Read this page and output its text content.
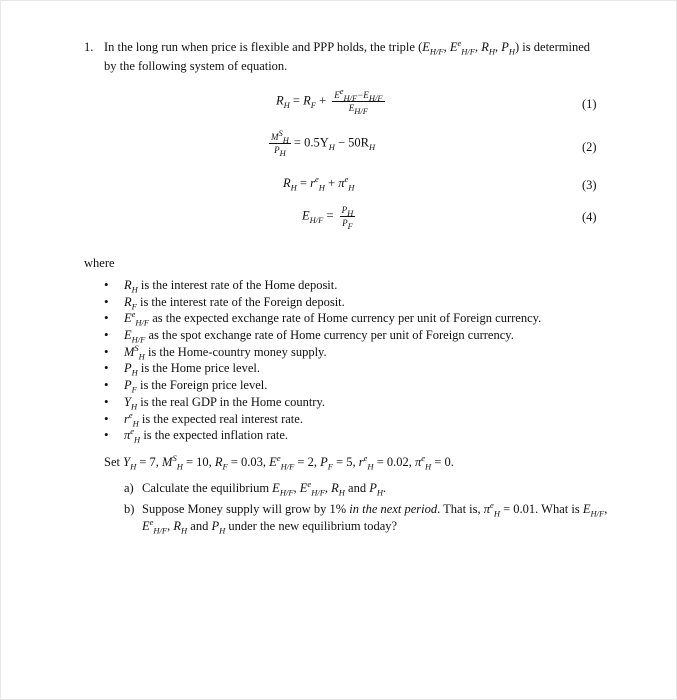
1. In the long run when price is flexible and PPP holds, the triple ($E_{H/F}$, $E^e_{H/F}$, $R_H$, $P_H$) is determined by the following system of equation.
$R_H = R_F + \frac{E^e_{H/F}-E_{H/F}}{E_{H/F}}$	(1)
$\frac{M^S_H}{P_H} = 0.5Y_H - 50R_H$	(2)
$R_H = r^e_H + \pi^e_H$	(3)
$E_{H/F} = \frac{P_H}{P_F}$	(4)
where
• $R_H$ is the interest rate of the Home deposit.
• $R_F$ is the interest rate of the Foreign deposit.
• $E^e_{H/F}$ as the expected exchange rate of Home currency per unit of Foreign currency.
• $E_{H/F}$ as the spot exchange rate of Home currency per unit of Foreign currency.
• $M^S_H$ is the Home-country money supply.
• $P_H$ is the Home price level.
• $P_F$ is the Foreign price level.
• $Y_H$ is the real GDP in the Home country.
• $r^e_H$ is the expected real interest rate.
• $\pi^e_H$ is the expected inflation rate.
Set $Y_H = 7$, $M^S_H = 10$, $R_F = 0.03$, $E^e_{H/F} = 2$, $P_F = 5$, $r^e_H = 0.02$, $\pi^e_H = 0$.
a) Calculate the equilibrium $E_{H/F}$, $E^e_{H/F}$, $R_H$ and $P_H$.
b) Suppose Money supply will grow by 1% in the next period. That is, $\pi^e_H = 0.01$. What is $E_{H/F}$, $E^e_{H/F}$, $R_H$ and $P_H$ under the new equilibrium today?
